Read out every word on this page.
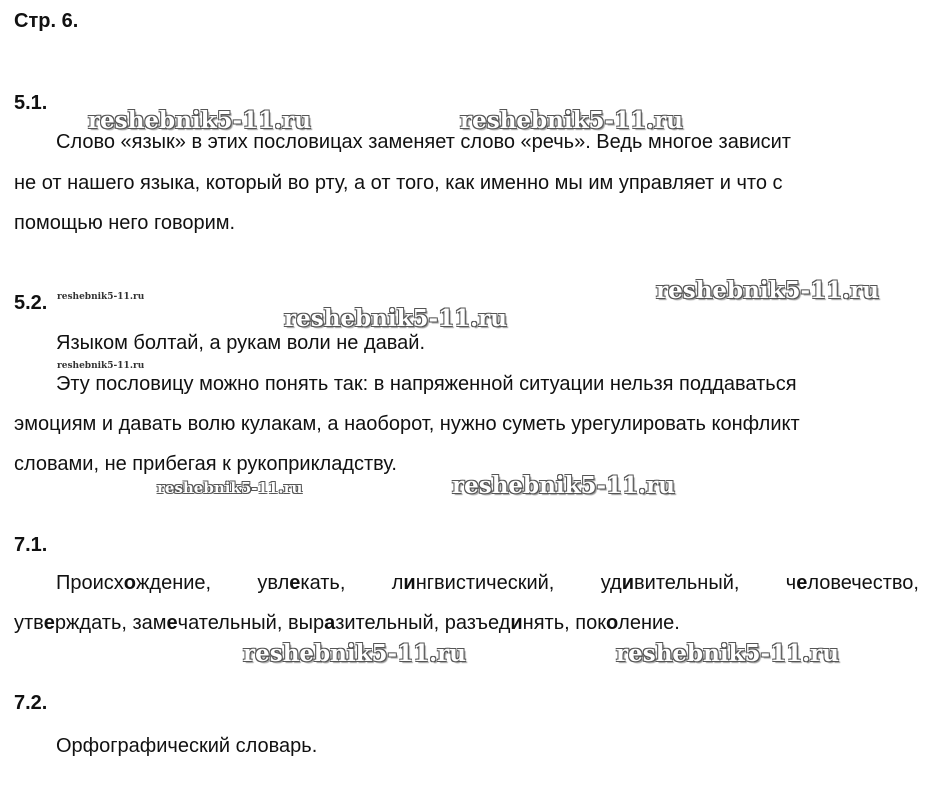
Стр. 6.
5.1.
reshebnik5-11.ru	reshebnik5-11.ru
Слово «язык» в этих пословицах заменяет слово «речь». Ведь многое зависит
не от нашего языка, который во рту, а от того, как именно мы им управляет и что с
помощью него говорим.
reshebnik5-11.ru
5.2. reshebnik5-11.ru
reshebnik5-11.ru
Языком болтай, а рукам воли не давай.
reshebnik5-11.ru
Эту пословицу можно понять так: в напряженной ситуации нельзя поддаваться
эмоциям и давать волю кулакам, а наоборот, нужно суметь урегулировать конфликт
словами, не прибегая к рукоприкладству.
reshebnik5-11.ru	reshebnik5-11.ru
7.1.
Происхождение, увлекать, лингвистический, удивительный, человечество,
утверждать, замечательный, выразительный, разъединять, поколение.
reshebnik5-11.ru	reshebnik5-11.ru
7.2.
Орфографический словарь.
